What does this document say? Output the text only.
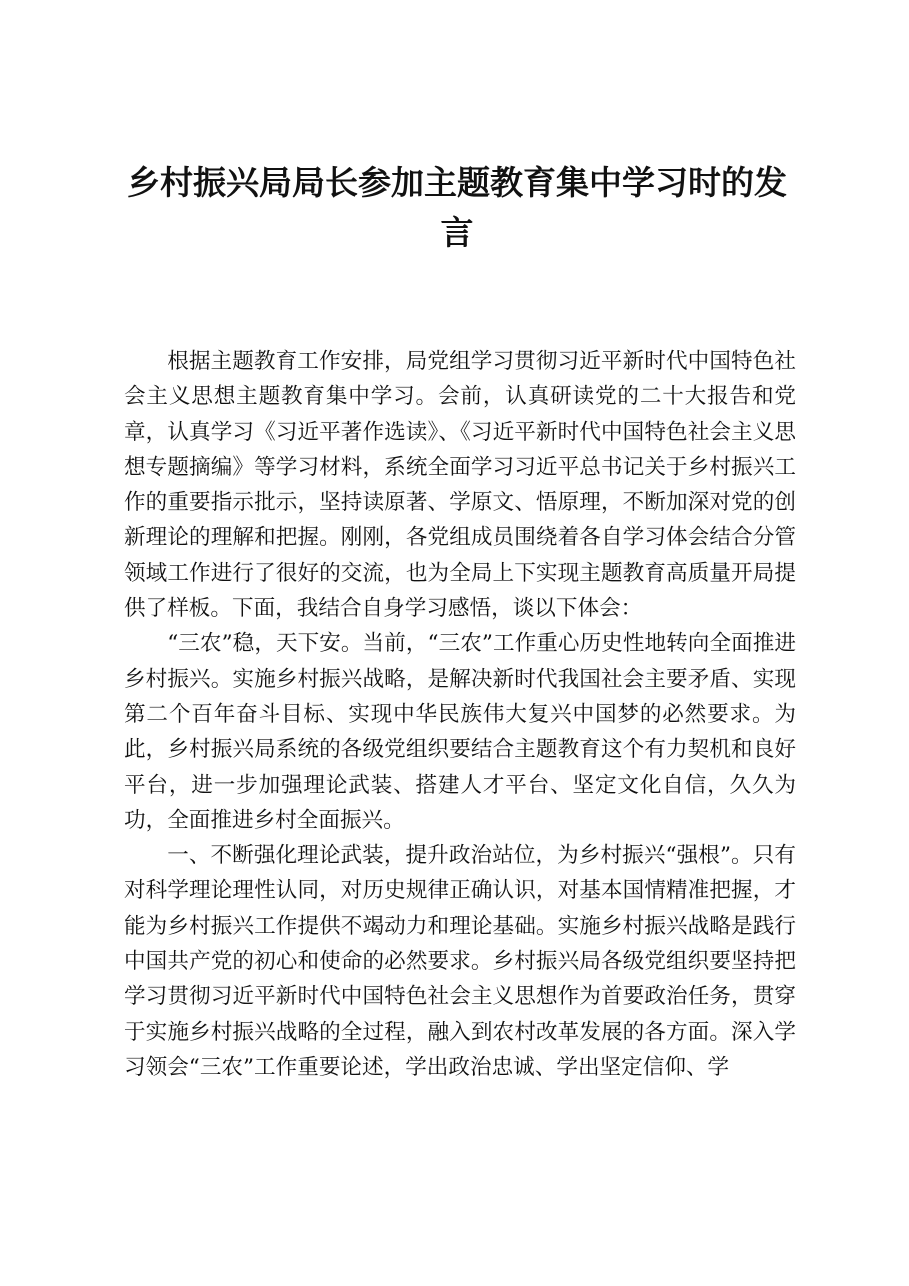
乡村振兴局局长参加主题教育集中学习时的发言

根据主题教育工作安排，局党组学习贯彻习近平新时代中国特色社会主义思想主题教育集中学习。会前，认真研读党的二十大报告和党章，认真学习《习近平著作选读》、《习近平新时代中国特色社会主义思想专题摘编》等学习材料，系统全面学习习近平总书记关于乡村振兴工作的重要指示批示，坚持读原著、学原文、悟原理，不断加深对党的创新理论的理解和把握。刚刚，各党组成员围绕着各自学习体会结合分管领域工作进行了很好的交流，也为全局上下实现主题教育高质量开局提供了样板。下面，我结合自身学习感悟，谈以下体会：

“三农”稳，天下安。当前，“三农”工作重心历史性地转向全面推进乡村振兴。实施乡村振兴战略，是解决新时代我国社会主要矛盾、实现第二个百年奋斗目标、实现中华民族伟大复兴中国梦的必然要求。为此，乡村振兴局系统的各级党组织要结合主题教育这个有力契机和良好平台，进一步加强理论武装、搭建人才平台、坚定文化自信，久久为功，全面推进乡村全面振兴。

一、不断强化理论武装，提升政治站位，为乡村振兴“强根”。只有对科学理论理性认同，对历史规律正确认识，对基本国情精准把握，才能为乡村振兴工作提供不竭动力和理论基础。实施乡村振兴战略是践行中国共产党的初心和使命的必然要求。乡村振兴局各级党组织要坚持把学习贯彻习近平新时代中国特色社会主义思想作为首要政治任务，贯穿于实施乡村振兴战略的全过程，融入到农村改革发展的各方面。深入学习领会“三农”工作重要论述，学出政治忠诚、学出坚定信仰、学
